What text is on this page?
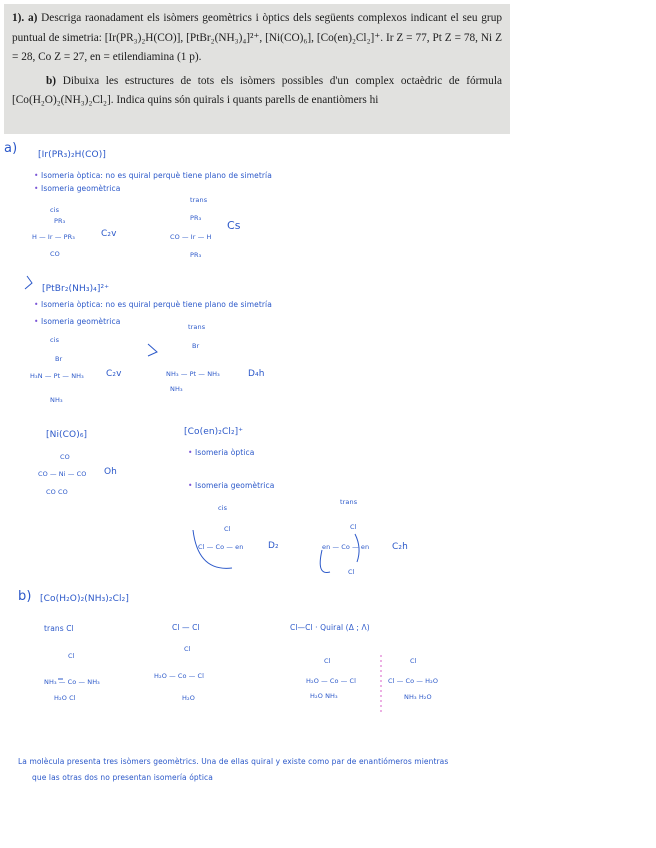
1). a) Descriga raonadament els isòmers geomètrics i òptics dels següents complexos indicant el seu grup puntual de simetria: [Ir(PR₃)₂H(CO)], [PtBr₂(NH₃)₄]²⁺, [Ni(CO)₆], [Co(en)₂Cl₂]⁺. Ir Z = 77, Pt Z = 78, Ni Z = 28, Co Z = 27, en = etilendiamina (1 p).

b) Dibuixa les estructures de tots els isòmers possibles d'un complex octaèdric de fórmula [Co(H₂O)₂(NH₃)₂Cl₂]. Indica quins són quirals i quants parells de enantiòmers hi

a) [Ir(PR₃)₂H(CO)]
• Isomeria òptica: no es quiral perquè tiene plano de simetría
• Isomeria geomètrica
cis
PR₃
H — Ir — PR₃
CO
C₂v
trans
PR₃
CO — Ir — H
PR₃
Cs
[PtBr₂(NH₃)₄]²⁺
• Isomeria òptica: no es quiral perquè tiene plano de simetría
• Isomeria geomètrica
cis
Br
H₃N — Pt — NH₃
NH₃
C₂v
trans
Br
NH₃ — Pt — NH₃
NH₃
D₄h
[Ni(CO)₆]
CO
CO — Ni — CO
CO CO
Oh
[Co(en)₂Cl₂]⁺
• Isomeria òptica
• Isomeria geomètrica
cis
Cl
Cl — Co — en	D₂
trans
Cl
en — Co — en
Cl
C₂h
b) [Co(H₂O)₂(NH₃)₂Cl₂]
trans Cl	Cl — Cl	Cl—Cl · Quiral (Δ ; Λ)
Cl
NH₃ — Co — NH₃
H₂O Cl
Cl
H₂O — Co — Cl
H₂O
Cl
H₂O — Co — Cl
H₂O NH₃
Cl
Cl — Co — H₂O
NH₃ H₂O
La molècula presenta tres isòmers geomètrics. Una de ellas quiral y existe como par de enantiómeros mientras
que las otras dos no presentan isomería óptica
